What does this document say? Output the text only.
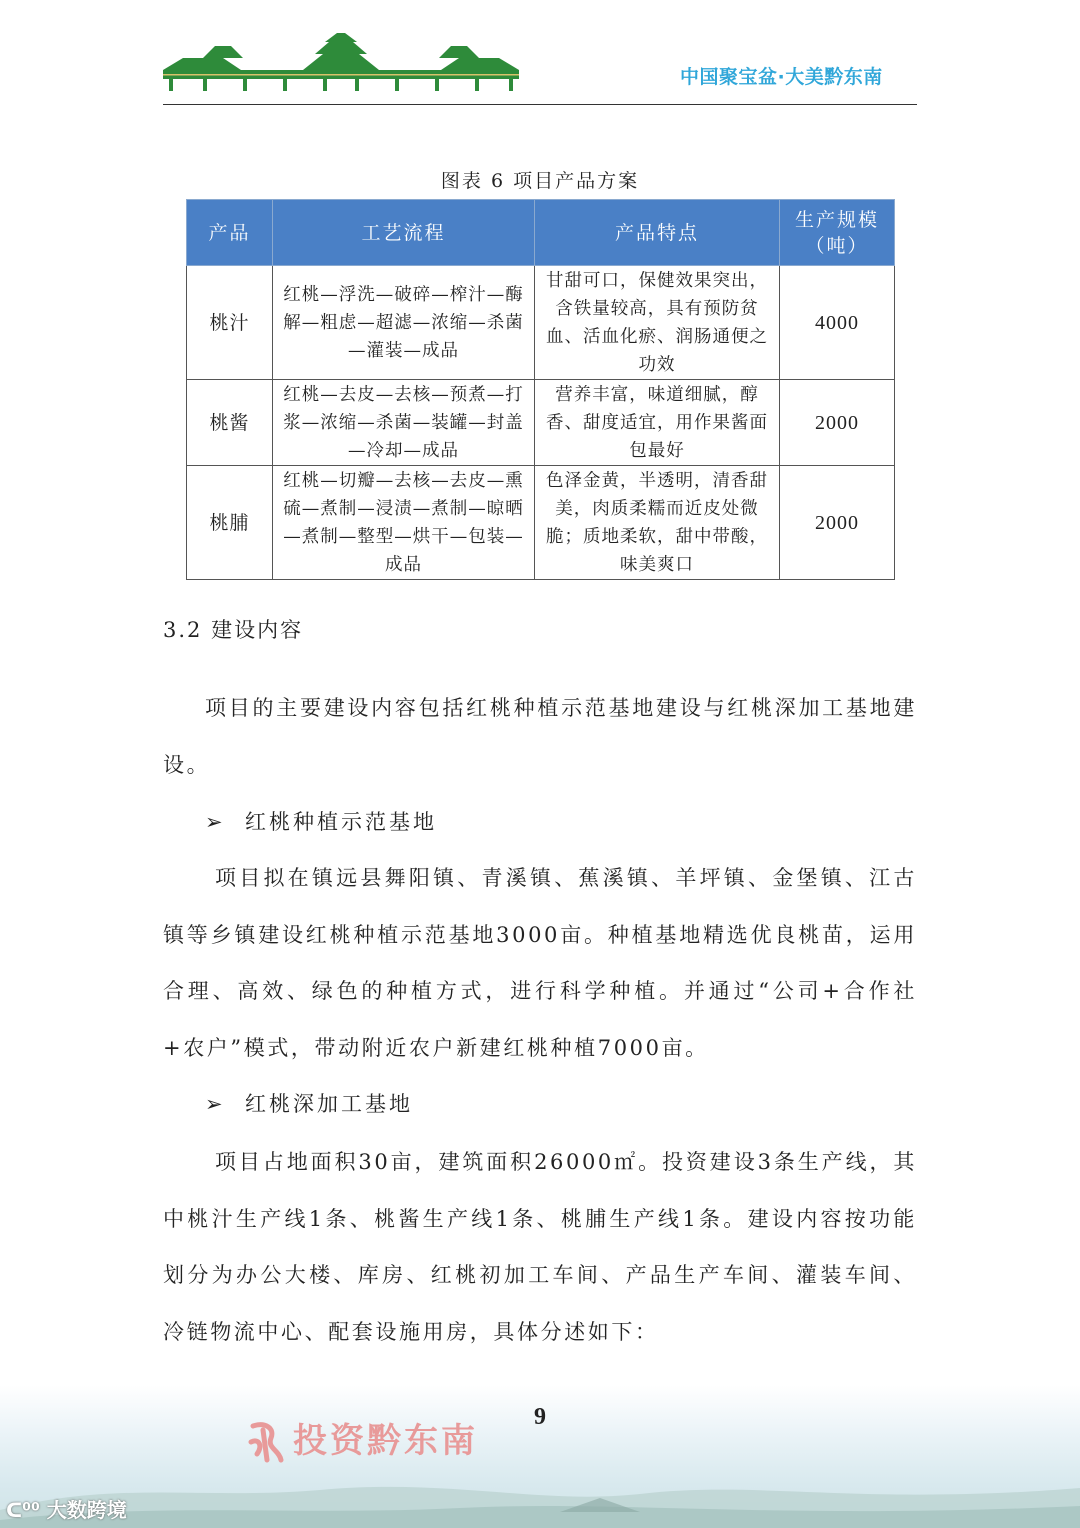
中国聚宝盆·大美黔东南
图表 6 项目产品方案
产品	工艺流程	产品特点	生产规模（吨）
桃汁	红桃—浮洗—破碎—榨汁—酶解—粗虑—超滤—浓缩—杀菌—灌装—成品	甘甜可口，保健效果突出，含铁量较高，具有预防贫血、活血化瘀、润肠通便之功效	4000
桃酱	红桃—去皮—去核—预煮—打浆—浓缩—杀菌—装罐—封盖—冷却—成品	营养丰富，味道细腻，醇香、甜度适宜，用作果酱面包最好	2000
桃脯	红桃—切瓣—去核—去皮—熏硫—煮制—浸渍—煮制—晾晒—煮制—整型—烘干—包装—成品	色泽金黄，半透明，清香甜美，肉质柔糯而近皮处微脆；质地柔软，甜中带酸，味美爽口	2000
3.2 建设内容
项目的主要建设内容包括红桃种植示范基地建设与红桃深加工基地建设。
➢ 红桃种植示范基地
项目拟在镇远县舞阳镇、青溪镇、蕉溪镇、羊坪镇、金堡镇、江古镇等乡镇建设红桃种植示范基地3000亩。种植基地精选优良桃苗，运用合理、高效、绿色的种植方式，进行科学种植。并通过“公司+合作社+农户”模式，带动附近农户新建红桃种植7000亩。
➢ 红桃深加工基地
项目占地面积30亩，建筑面积26000㎡。投资建设3条生产线，其中桃汁生产线1条、桃酱生产线1条、桃脯生产线1条。建设内容按功能划分为办公大楼、库房、红桃初加工车间、产品生产车间、灌装车间、冷链物流中心、配套设施用房，具体分述如下：
9
投资黔东南
ᑕ⁰⁰ 大数跨境
